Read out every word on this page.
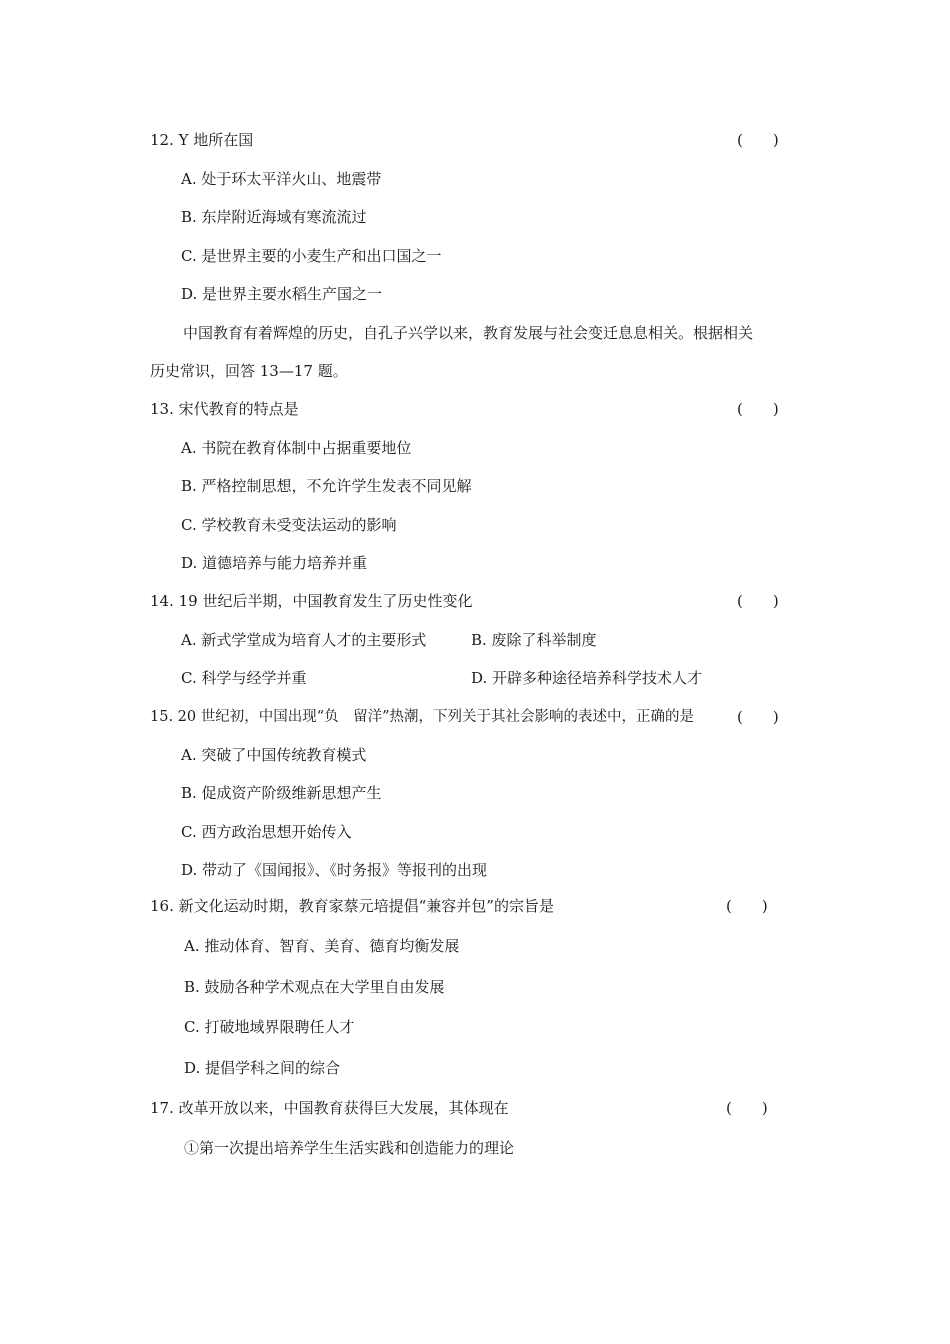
12. Y 地所在国	(　　)
A. 处于环太平洋火山、地震带
B. 东岸附近海域有寒流流过
C. 是世界主要的小麦生产和出口国之一
D. 是世界主要水稻生产国之一
中国教育有着辉煌的历史，自孔子兴学以来，教育发展与社会变迁息息相关。根据相关
历史常识，回答 13—17 题。
13. 宋代教育的特点是	(　　)
A. 书院在教育体制中占据重要地位
B. 严格控制思想，不允许学生发表不同见解
C. 学校教育未受变法运动的影响
D. 道德培养与能力培养并重
14. 19 世纪后半期，中国教育发生了历史性变化	(　　)
A. 新式学堂成为培育人才的主要形式	B. 废除了科举制度
C. 科学与经学并重	D. 开辟多种途径培养科学技术人才
15. 20 世纪初，中国出现“负　留洋”热潮，下列关于其社会影响的表述中，正确的是	(　　)
A. 突破了中国传统教育模式
B. 促成资产阶级维新思想产生
C. 西方政治思想开始传入
D. 带动了《国闻报》、《时务报》等报刊的出现
16. 新文化运动时期，教育家蔡元培提倡“兼容并包”的宗旨是	(　　)
A. 推动体育、智育、美育、德育均衡发展
B. 鼓励各种学术观点在大学里自由发展
C. 打破地域界限聘任人才
D. 提倡学科之间的综合
17. 改革开放以来，中国教育获得巨大发展，其体现在	(　　)
①第一次提出培养学生生活实践和创造能力的理论
